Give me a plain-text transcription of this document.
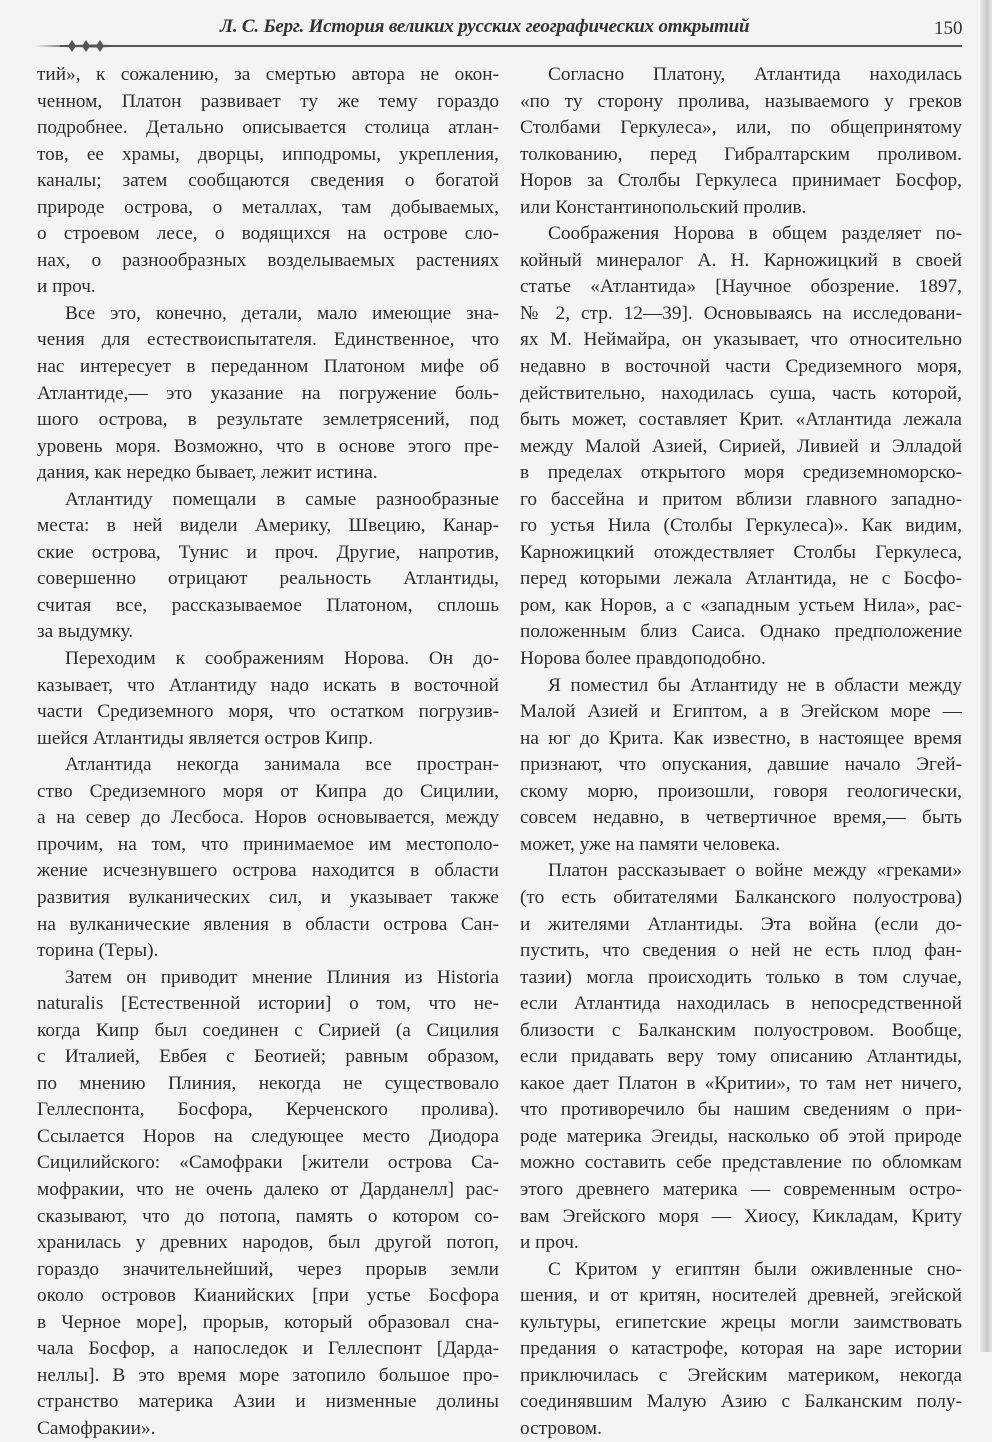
Л. С. Берг. История великих русских географических открытий	150
тий», к сожалению, за смертью автора не окон-
ченном, Платон развивает ту же тему гораздо
подробнее. Детально описывается столица атлан-
тов, ее храмы, дворцы, ипподромы, укрепления,
каналы; затем сообщаются сведения о богатой
природе острова, о металлах, там добываемых,
о строевом лесе, о водящихся на острове сло-
нах, о разнообразных возделываемых растениях
и проч.
Все это, конечно, детали, мало имеющие зна-
чения для естествоиспытателя. Единственное, что
нас интересует в переданном Платоном мифе об
Атлантиде,— это указание на погружение боль-
шого острова, в результате землетрясений, под
уровень моря. Возможно, что в основе этого пре-
дания, как нередко бывает, лежит истина.
Атлантиду помещали в самые разнообразные
места: в ней видели Америку, Швецию, Канар-
ские острова, Тунис и проч. Другие, напротив,
совершенно отрицают реальность Атлантиды,
считая все, рассказываемое Платоном, сплошь
за выдумку.
Переходим к соображениям Норова. Он до-
казывает, что Атлантиду надо искать в восточной
части Средиземного моря, что остатком погрузив-
шейся Атлантиды является остров Кипр.
Атлантида некогда занимала все простран-
ство Средиземного моря от Кипра до Сицилии,
а на север до Лесбоса. Норов основывается, между
прочим, на том, что принимаемое им местополо-
жение исчезнувшего острова находится в области
развития вулканических сил, и указывает также
на вулканические явления в области острова Сан-
торина (Теры).
Затем он приводит мнение Плиния из Historia
naturalis [Естественной истории] о том, что не-
когда Кипр был соединен с Сирией (а Сицилия
с Италией, Евбея с Беотией; равным образом,
по мнению Плиния, некогда не существовало
Геллеспонта, Босфора, Керченского пролива).
Ссылается Норов на следующее место Диодора
Сицилийского: «Самофраки [жители острова Са-
мофракии, что не очень далеко от Дарданелл] рас-
сказывают, что до потопа, память о котором со-
хранилась у древних народов, был другой потоп,
гораздо значительнейший, через прорыв земли
около островов Кианийских [при устье Босфора
в Черное море], прорыв, который образовал сна-
чала Босфор, а напоследок и Геллеспонт [Дарда-
неллы]. В это время море затопило большое про-
странство материка Азии и низменные долины
Самофракии».
Согласно Платону, Атлантида находилась
«по ту сторону пролива, называемого у греков
Столбами Геркулеса», или, по общепринятому
толкованию, перед Гибралтарским проливом.
Норов за Столбы Геркулеса принимает Босфор,
или Константинопольский пролив.
Соображения Норова в общем разделяет по-
койный минералог А. Н. Карножицкий в своей
статье «Атлантида» [Научное обозрение. 1897,
№ 2, стр. 12—39]. Основываясь на исследовани-
ях М. Неймайра, он указывает, что относительно
недавно в восточной части Средиземного моря,
действительно, находилась суша, часть которой,
быть может, составляет Крит. «Атлантида лежала
между Малой Азией, Сирией, Ливией и Элладой
в пределах открытого моря средиземноморско-
го бассейна и притом вблизи главного западно-
го устья Нила (Столбы Геркулеса)». Как видим,
Карножицкий отождествляет Столбы Геркулеса,
перед которыми лежала Атлантида, не с Босфо-
ром, как Норов, а с «западным устьем Нила», рас-
положенным близ Саиса. Однако предположение
Норова более правдоподобно.
Я поместил бы Атлантиду не в области между
Малой Азией и Египтом, а в Эгейском море —
на юг до Крита. Как известно, в настоящее время
признают, что опускания, давшие начало Эгей-
скому морю, произошли, говоря геологически,
совсем недавно, в четвертичное время,— быть
может, уже на памяти человека.
Платон рассказывает о войне между «греками»
(то есть обитателями Балканского полуострова)
и жителями Атлантиды. Эта война (если до-
пустить, что сведения о ней не есть плод фан-
тазии) могла происходить только в том случае,
если Атлантида находилась в непосредственной
близости с Балканским полуостровом. Вообще,
если придавать веру тому описанию Атлантиды,
какое дает Платон в «Критии», то там нет ничего,
что противоречило бы нашим сведениям о при-
роде материка Эгеиды, насколько об этой природе
можно составить себе представление по обломкам
этого древнего материка — современным остро-
вам Эгейского моря — Хиосу, Кикладам, Криту
и проч.
С Критом у египтян были оживленные сно-
шения, и от критян, носителей древней, эгейской
культуры, египетские жрецы могли заимствовать
предания о катастрофе, которая на заре истории
приключилась с Эгейским материком, некогда
соединявшим Малую Азию с Балканским полу-
островом.
